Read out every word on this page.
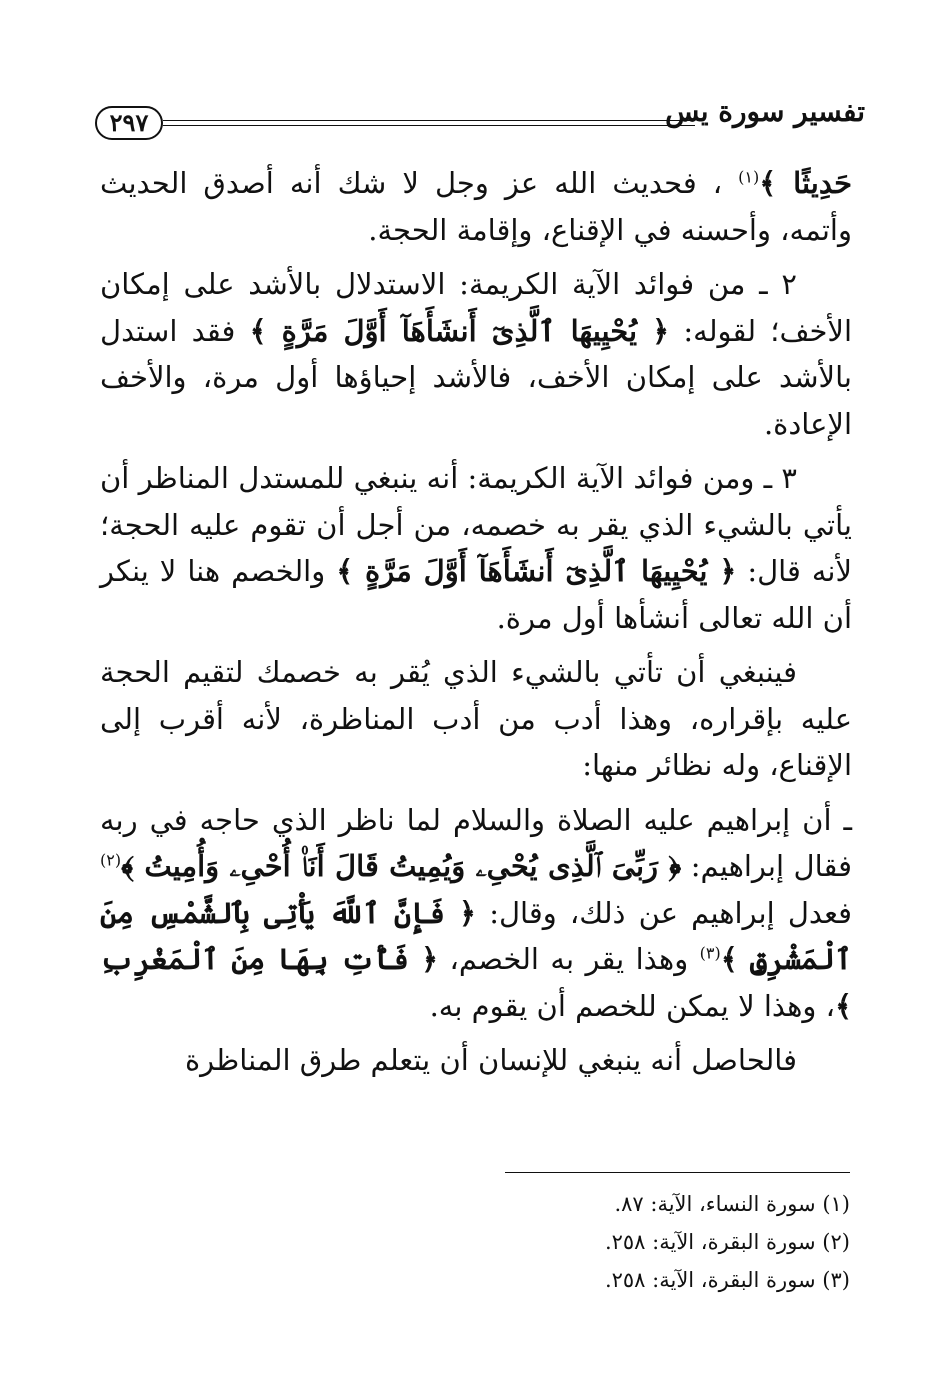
تفسير سورة يس
٢٩٧

حَدِيثًا ﴾$^{(١)}$ ، فحديث الله عز وجل لا شك أنه أصدق الحديث وأتمه، وأحسنه في الإقناع، وإقامة الحجة.

٢ ـ من فوائد الآية الكريمة: الاستدلال بالأشد على إمكان الأخف؛ لقوله: ﴿ يُحْيِيهَا ٱلَّذِىٓ أَنشَأَهَآ أَوَّلَ مَرَّةٍ ﴾ فقد استدل بالأشد على إمكان الأخف، فالأشد إحياؤها أول مرة، والأخف الإعادة.

٣ ـ ومن فوائد الآية الكريمة: أنه ينبغي للمستدل المناظر أن يأتي بالشيء الذي يقر به خصمه، من أجل أن تقوم عليه الحجة؛ لأنه قال: ﴿ يُحْيِيهَا ٱلَّذِىٓ أَنشَأَهَآ أَوَّلَ مَرَّةٍ ﴾ والخصم هنا لا ينكر أن الله تعالى أنشأها أول مرة.

فينبغي أن تأتي بالشيء الذي يُقر به خصمك لتقيم الحجة عليه بإقراره، وهذا أدب من أدب المناظرة، لأنه أقرب إلى الإقناع، وله نظائر منها:

ـ أن إبراهيم عليه الصلاة والسلام لما ناظر الذي حاجه في ربه فقال إبراهيم: ﴿ رَبِّىَ ٱلَّذِى يُحْىِۦ وَيُمِيتُ قَالَ أَنَا۠ أُحْىِۦ وَأُمِيتُ ﴾$^{(٢)}$ فعدل إبراهيم عن ذلك، وقال: ﴿ فَإِنَّ ٱللَّهَ يَأْتِى بِٱلشَّمْسِ مِنَ ٱلْمَشْرِقِ ﴾$^{(٣)}$ وهذا يقر به الخصم، ﴿ فَأْتِ بِهَا مِنَ ٱلْمَغْرِبِ ﴾، وهذا لا يمكن للخصم أن يقوم به.

فالحاصل أنه ينبغي للإنسان أن يتعلم طرق المناظرة

(١) سورة النساء، الآية: ٨٧.
(٢) سورة البقرة، الآية: ٢٥٨.
(٣) سورة البقرة، الآية: ٢٥٨.
